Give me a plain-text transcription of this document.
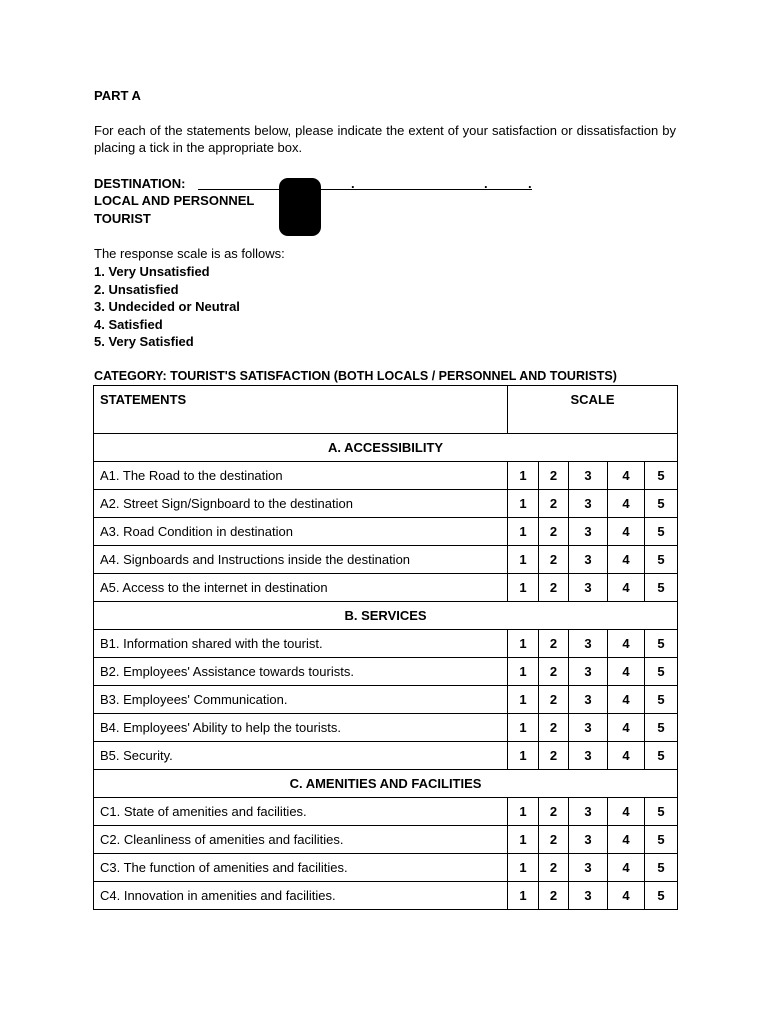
PART A
For each of the statements below, please indicate the extent of your satisfaction or dissatisfaction by placing a tick in the appropriate box.
DESTINATION:	.	.	.
LOCAL AND PERSONNEL
TOURIST
The response scale is as follows:
1. Very Unsatisfied
2. Unsatisfied
3. Undecided or Neutral
4. Satisfied
5. Very Satisfied
CATEGORY: TOURIST'S SATISFACTION (BOTH LOCALS / PERSONNEL AND TOURISTS)
STATEMENTS	SCALE				
A. ACCESSIBILITY					
A1. The Road to the destination	1	2	3	4	5
A2. Street Sign/Signboard to the destination	1	2	3	4	5
A3. Road Condition in destination	1	2	3	4	5
A4. Signboards and Instructions inside the destination	1	2	3	4	5
A5. Access to the internet in destination	1	2	3	4	5
B. SERVICES					
B1. Information shared with the tourist.	1	2	3	4	5
B2. Employees' Assistance towards tourists.	1	2	3	4	5
B3. Employees' Communication.	1	2	3	4	5
B4. Employees' Ability to help the tourists.	1	2	3	4	5
B5. Security.	1	2	3	4	5
C. AMENITIES AND FACILITIES					
C1. State of amenities and facilities.	1	2	3	4	5
C2. Cleanliness of amenities and facilities.	1	2	3	4	5
C3. The function of amenities and facilities.	1	2	3	4	5
C4. Innovation in amenities and facilities.	1	2	3	4	5
